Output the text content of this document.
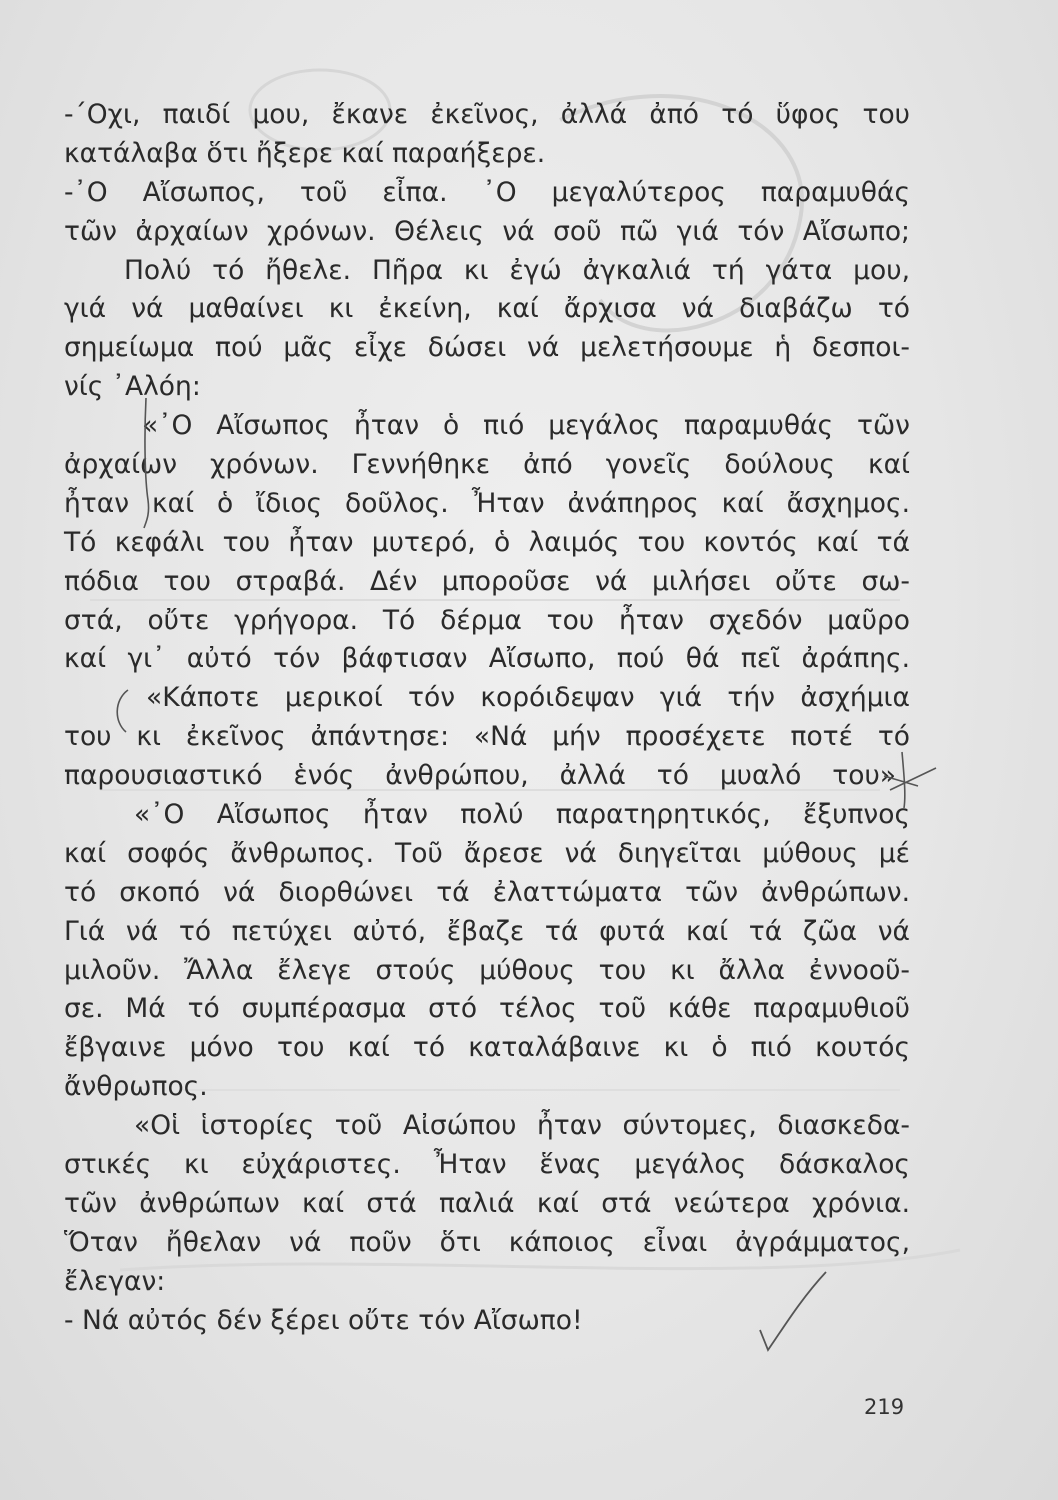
-΄Οχι, παιδί μου, ἔκανε ἐκεῖνος, ἀλλά ἀπό τό ὕφος του
κατάλαβα ὅτι ἤξερε καί παραήξερε.
-᾿Ο Αἴσωπος, τοῦ εἶπα. ᾿Ο μεγαλύτερος παραμυθάς
τῶν ἀρχαίων χρόνων. Θέλεις νά σοῦ πῶ γιά τόν Αἴσωπο;
Πολύ τό ἤθελε. Πῆρα κι ἐγώ ἀγκαλιά τή γάτα μου,
γιά νά μαθαίνει κι ἐκείνη, καί ἄρχισα νά διαβάζω τό
σημείωμα πού μᾶς εἶχε δώσει νά μελετήσουμε ἡ δεσποι-
νίς ᾿Αλόη:
«᾿Ο Αἴσωπος ἦταν ὁ πιό μεγάλος παραμυθάς τῶν
ἀρχαίων χρόνων. Γεννήθηκε ἀπό γονεῖς δούλους καί
ἦταν καί ὁ ἴδιος δοῦλος. Ἦταν ἀνάπηρος καί ἄσχημος.
Τό κεφάλι του ἦταν μυτερό, ὁ λαιμός του κοντός καί τά
πόδια του στραβά. Δέν μποροῦσε νά μιλήσει οὔτε σω-
στά, οὔτε γρήγορα. Τό δέρμα του ἦταν σχεδόν μαῦρο
καί γι᾿ αὐτό τόν βάφτισαν Αἴσωπο, πού θά πεῖ ἀράπης.
«Κάποτε μερικοί τόν κορόιδεψαν γιά τήν ἀσχήμια
του κι ἐκεῖνος ἀπάντησε: «Νά μήν προσέχετε ποτέ τό
παρουσιαστικό ἑνός ἀνθρώπου, ἀλλά τό μυαλό του»
«᾿Ο Αἴσωπος ἦταν πολύ παρατηρητικός, ἔξυπνος
καί σοφός ἄνθρωπος. Τοῦ ἄρεσε νά διηγεῖται μύθους μέ
τό σκοπό νά διορθώνει τά ἐλαττώματα τῶν ἀνθρώπων.
Γιά νά τό πετύχει αὐτό, ἔβαζε τά φυτά καί τά ζῶα νά
μιλοῦν. Ἄλλα ἔλεγε στούς μύθους του κι ἄλλα ἐννοοῦ-
σε. Μά τό συμπέρασμα στό τέλος τοῦ κάθε παραμυθιοῦ
ἔβγαινε μόνο του καί τό καταλάβαινε κι ὁ πιό κουτός
ἄνθρωπος.
«Οἱ ἱστορίες τοῦ Αἰσώπου ἦταν σύντομες, διασκεδα-
στικές κι εὐχάριστες. Ἦταν ἕνας μεγάλος δάσκαλος
τῶν ἀνθρώπων καί στά παλιά καί στά νεώτερα χρόνια.
Ὅταν ἤθελαν νά ποῦν ὅτι κάποιος εἶναι ἀγράμματος,
ἔλεγαν:
- Νά αὐτός δέν ξέρει οὔτε τόν Αἴσωπο!
219
